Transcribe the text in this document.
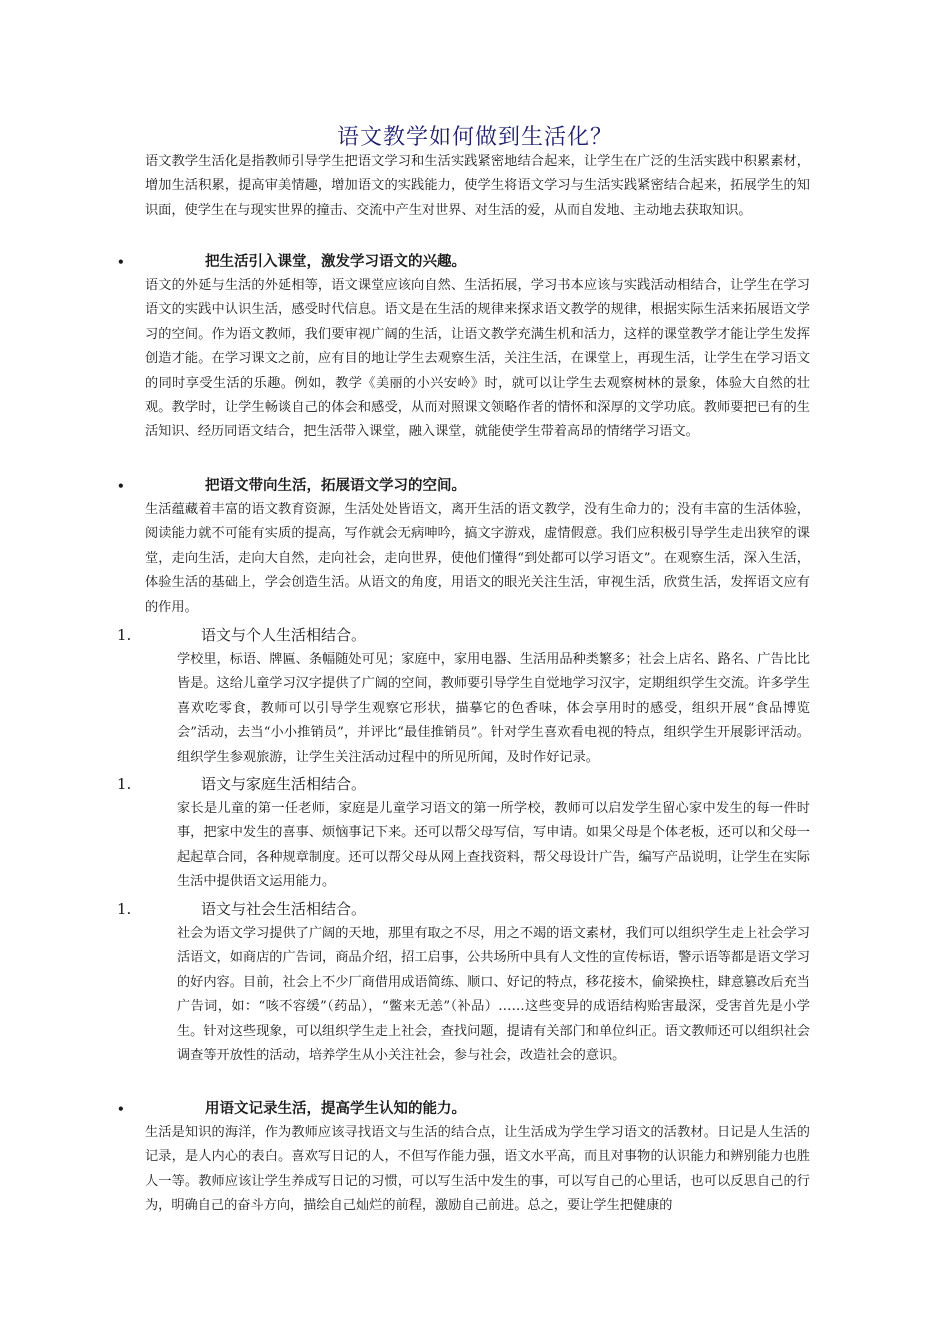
语文教学如何做到生活化？

语文教学生活化是指教师引导学生把语文学习和生活实践紧密地结合起来，让学生在广泛的生活实践中积累素材，增加生活积累，提高审美情趣，增加语文的实践能力，使学生将语文学习与生活实践紧密结合起来，拓展学生的知识面，使学生在与现实世界的撞击、交流中产生对世界、对生活的爱，从而自发地、主动地去获取知识。

•	把生活引入课堂，激发学习语文的兴趣。

语文的外延与生活的外延相等，语文课堂应该向自然、生活拓展，学习书本应该与实践活动相结合，让学生在学习语文的实践中认识生活，感受时代信息。语文是在生活的规律来探求语文教学的规律，根据实际生活来拓展语文学习的空间。作为语文教师，我们要审视广阔的生活，让语文教学充满生机和活力，这样的课堂教学才能让学生发挥创造才能。在学习课文之前，应有目的地让学生去观察生活，关注生活，在课堂上，再现生活，让学生在学习语文的同时享受生活的乐趣。例如，教学《美丽的小兴安岭》时，就可以让学生去观察树林的景象，体验大自然的壮观。教学时，让学生畅谈自己的体会和感受，从而对照课文领略作者的情怀和深厚的文学功底。教师要把已有的生活知识、经历同语文结合，把生活带入课堂，融入课堂，就能使学生带着高昂的情绪学习语文。

•	把语文带向生活，拓展语文学习的空间。

生活蕴藏着丰富的语文教育资源，生活处处皆语文，离开生活的语文教学，没有生命力的；没有丰富的生活体验，阅读能力就不可能有实质的提高，写作就会无病呻吟，搞文字游戏，虚情假意。我们应积极引导学生走出狭窄的课堂，走向生活，走向大自然，走向社会，走向世界，使他们懂得“到处都可以学习语文”。在观察生活，深入生活，体验生活的基础上，学会创造生活。从语文的角度，用语文的眼光关注生活，审视生活，欣赏生活，发挥语文应有的作用。

1.	语文与个人生活相结合。

学校里，标语、牌匾、条幅随处可见；家庭中，家用电器、生活用品种类繁多；社会上店名、路名、广告比比皆是。这给儿童学习汉字提供了广阔的空间，教师要引导学生自觉地学习汉字，定期组织学生交流。许多学生喜欢吃零食，教师可以引导学生观察它形状，描摹它的色香味，体会享用时的感受，组织开展“食品博览会”活动，去当“小小推销员”，并评比“最佳推销员”。针对学生喜欢看电视的特点，组织学生开展影评活动。组织学生参观旅游，让学生关注活动过程中的所见所闻，及时作好记录。

1.	语文与家庭生活相结合。

家长是儿童的第一任老师，家庭是儿童学习语文的第一所学校，教师可以启发学生留心家中发生的每一件时事，把家中发生的喜事、烦恼事记下来。还可以帮父母写信，写申请。如果父母是个体老板，还可以和父母一起起草合同，各种规章制度。还可以帮父母从网上查找资料，帮父母设计广告，编写产品说明，让学生在实际生活中提供语文运用能力。

1.	语文与社会生活相结合。

社会为语文学习提供了广阔的天地，那里有取之不尽，用之不竭的语文素材，我们可以组织学生走上社会学习活语文，如商店的广告词，商品介绍，招工启事，公共场所中具有人文性的宣传标语，警示语等都是语文学习的好内容。目前，社会上不少厂商借用成语简练、顺口、好记的特点，移花接木，偷梁换柱，肆意篡改后充当广告词，如：“咳不容缓”（药品），“鳖来无恙”（补品）……这些变异的成语结构贻害最深，受害首先是小学生。针对这些现象，可以组织学生走上社会，查找问题，提请有关部门和单位纠正。语文教师还可以组织社会调查等开放性的活动，培养学生从小关注社会，参与社会，改造社会的意识。

•	用语文记录生活，提高学生认知的能力。

生活是知识的海洋，作为教师应该寻找语文与生活的结合点，让生活成为学生学习语文的活教材。日记是人生活的记录，是人内心的表白。喜欢写日记的人，不但写作能力强，语文水平高，而且对事物的认识能力和辨别能力也胜人一等。教师应该让学生养成写日记的习惯，可以写生活中发生的事，可以写自己的心里话，也可以反思自己的行为，明确自己的奋斗方向，描绘自己灿烂的前程，激励自己前进。总之，要让学生把健康的
